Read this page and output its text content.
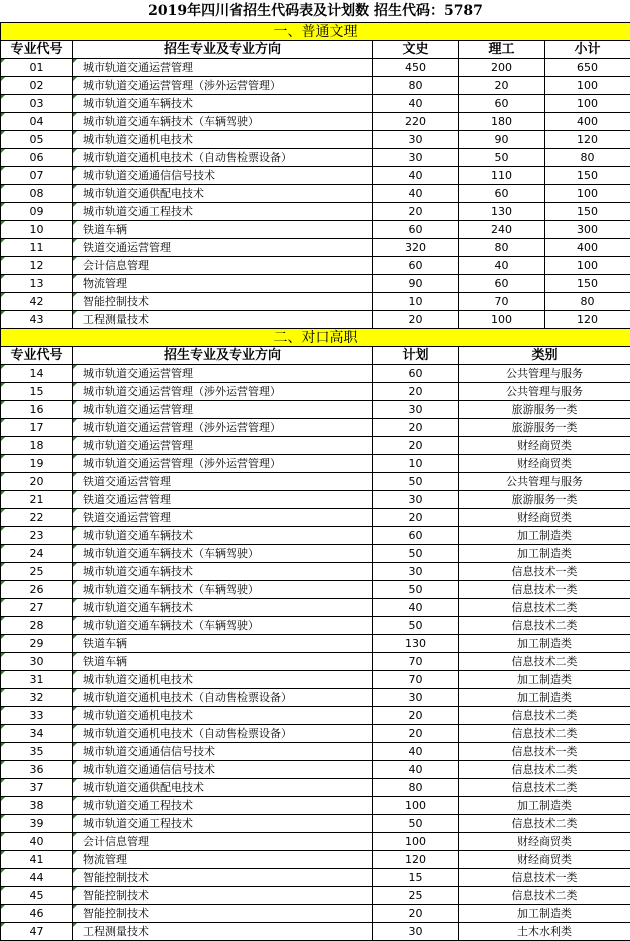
2019年四川省招生代码表及计划数 招生代码：5787				
一、普通文理				
专业代号	招生专业及专业方向	文史	理工	小计
01	城市轨道交通运营管理	450	200	650
02	城市轨道交通运营管理（涉外运营管理）	80	20	100
03	城市轨道交通车辆技术	40	60	100
04	城市轨道交通车辆技术（车辆驾驶）	220	180	400
05	城市轨道交通机电技术	30	90	120
06	城市轨道交通机电技术（自动售检票设备）	30	50	80
07	城市轨道交通通信信号技术	40	110	150
08	城市轨道交通供配电技术	40	60	100
09	城市轨道交通工程技术	20	130	150
10	铁道车辆	60	240	300
11	铁道交通运营管理	320	80	400
12	会计信息管理	60	40	100
13	物流管理	90	60	150
42	智能控制技术	10	70	80
43	工程测量技术	20	100	120
二、对口高职				
专业代号	招生专业及专业方向	计划	类别	
14	城市轨道交通运营管理	60	公共管理与服务	
15	城市轨道交通运营管理（涉外运营管理）	20	公共管理与服务	
16	城市轨道交通运营管理	30	旅游服务一类	
17	城市轨道交通运营管理（涉外运营管理）	20	旅游服务一类	
18	城市轨道交通运营管理	20	财经商贸类	
19	城市轨道交通运营管理（涉外运营管理）	10	财经商贸类	
20	铁道交通运营管理	50	公共管理与服务	
21	铁道交通运营管理	30	旅游服务一类	
22	铁道交通运营管理	20	财经商贸类	
23	城市轨道交通车辆技术	60	加工制造类	
24	城市轨道交通车辆技术（车辆驾驶）	50	加工制造类	
25	城市轨道交通车辆技术	30	信息技术一类	
26	城市轨道交通车辆技术（车辆驾驶）	50	信息技术一类	
27	城市轨道交通车辆技术	40	信息技术二类	
28	城市轨道交通车辆技术（车辆驾驶）	50	信息技术二类	
29	铁道车辆	130	加工制造类	
30	铁道车辆	70	信息技术二类	
31	城市轨道交通机电技术	70	加工制造类	
32	城市轨道交通机电技术（自动售检票设备）	30	加工制造类	
33	城市轨道交通机电技术	20	信息技术二类	
34	城市轨道交通机电技术（自动售检票设备）	20	信息技术二类	
35	城市轨道交通通信信号技术	40	信息技术一类	
36	城市轨道交通通信信号技术	40	信息技术二类	
37	城市轨道交通供配电技术	80	信息技术二类	
38	城市轨道交通工程技术	100	加工制造类	
39	城市轨道交通工程技术	50	信息技术二类	
40	会计信息管理	100	财经商贸类	
41	物流管理	120	财经商贸类	
44	智能控制技术	15	信息技术一类	
45	智能控制技术	25	信息技术二类	
46	智能控制技术	20	加工制造类	
47	工程测量技术	30	土木水利类	
